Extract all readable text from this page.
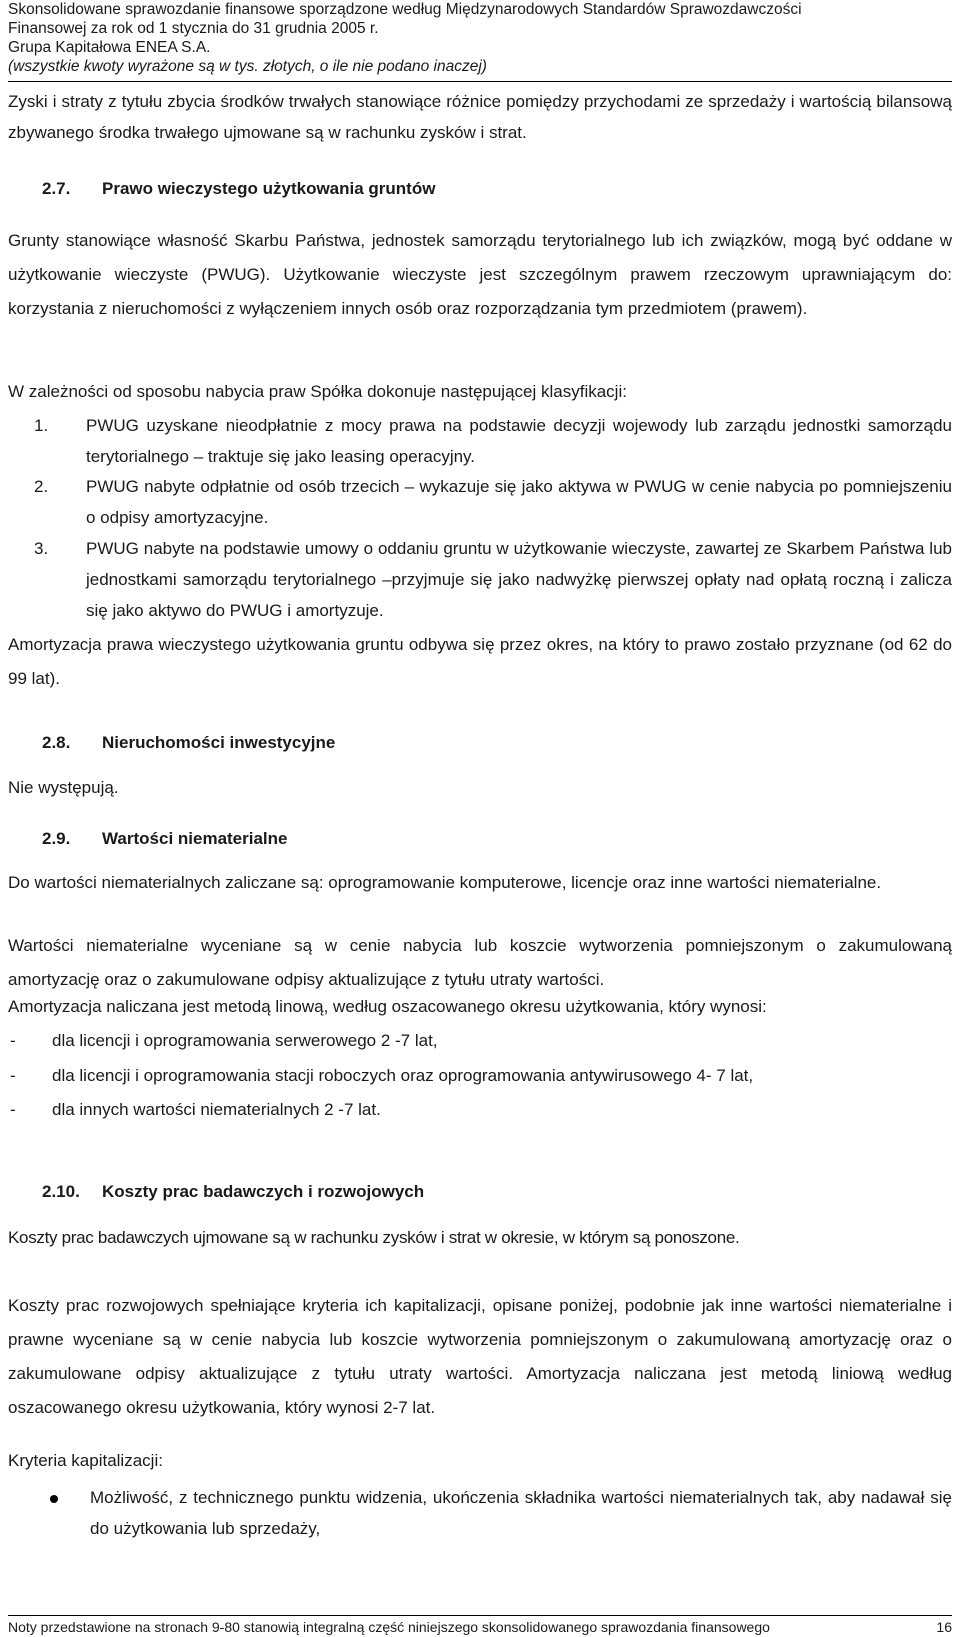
Skonsolidowane sprawozdanie finansowe sporządzone według Międzynarodowych Standardów Sprawozdawczości
Finansowej za rok od 1 stycznia do 31 grudnia 2005 r.
Grupa Kapitałowa ENEA S.A.
(wszystkie kwoty wyrażone są w tys. złotych, o ile nie podano inaczej)
Zyski i straty z tytułu zbycia środków trwałych stanowiące różnice pomiędzy przychodami ze sprzedaży i wartością bilansową zbywanego środka trwałego ujmowane są w rachunku zysków i strat.
2.7. Prawo wieczystego użytkowania gruntów
Grunty stanowiące własność Skarbu Państwa, jednostek samorządu terytorialnego lub ich związków, mogą być oddane w użytkowanie wieczyste (PWUG). Użytkowanie wieczyste jest szczególnym prawem rzeczowym uprawniającym do: korzystania z nieruchomości z wyłączeniem innych osób oraz rozporządzania tym przedmiotem (prawem).
W zależności od sposobu nabycia praw Spółka dokonuje następującej klasyfikacji:
1. PWUG uzyskane nieodpłatnie z mocy prawa na podstawie decyzji wojewody lub zarządu jednostki samorządu terytorialnego – traktuje się jako leasing operacyjny.
2. PWUG nabyte odpłatnie od osób trzecich – wykazuje się jako aktywa w PWUG w cenie nabycia po pomniejszeniu o odpisy amortyzacyjne.
3. PWUG nabyte na podstawie umowy o oddaniu gruntu w użytkowanie wieczyste, zawartej ze Skarbem Państwa lub jednostkami samorządu terytorialnego –przyjmuje się jako nadwyżkę pierwszej opłaty nad opłatą roczną i zalicza się jako aktywo do PWUG i amortyzuje.
Amortyzacja prawa wieczystego użytkowania gruntu odbywa się przez okres, na który to prawo zostało przyznane (od 62 do 99 lat).
2.8. Nieruchomości inwestycyjne
Nie występują.
2.9. Wartości niematerialne
Do wartości niematerialnych zaliczane są: oprogramowanie komputerowe, licencje oraz inne wartości niematerialne.
Wartości niematerialne wyceniane są w cenie nabycia lub koszcie wytworzenia pomniejszonym o zakumulowaną amortyzację oraz o zakumulowane odpisy aktualizujące z tytułu utraty wartości.
Amortyzacja naliczana jest metodą linową, według oszacowanego okresu użytkowania, który wynosi:
- dla licencji i oprogramowania serwerowego 2 -7 lat,
- dla licencji i oprogramowania stacji roboczych oraz oprogramowania antywirusowego 4- 7 lat,
- dla innych wartości niematerialnych 2 -7 lat.
2.10. Koszty prac badawczych i rozwojowych
Koszty prac badawczych ujmowane są w rachunku zysków i strat w okresie, w którym są ponoszone.
Koszty prac rozwojowych spełniające kryteria ich kapitalizacji, opisane poniżej, podobnie jak inne wartości niematerialne i prawne wyceniane są w cenie nabycia lub koszcie wytworzenia pomniejszonym o zakumulowaną amortyzację oraz o zakumulowane odpisy aktualizujące z tytułu utraty wartości. Amortyzacja naliczana jest metodą liniową według oszacowanego okresu użytkowania, który wynosi 2-7 lat.
Kryteria kapitalizacji:
Możliwość, z technicznego punktu widzenia, ukończenia składnika wartości niematerialnych tak, aby nadawał się do użytkowania lub sprzedaży,
Noty przedstawione na stronach 9-80 stanowią integralną część niniejszego skonsolidowanego sprawozdania finansowego	16
